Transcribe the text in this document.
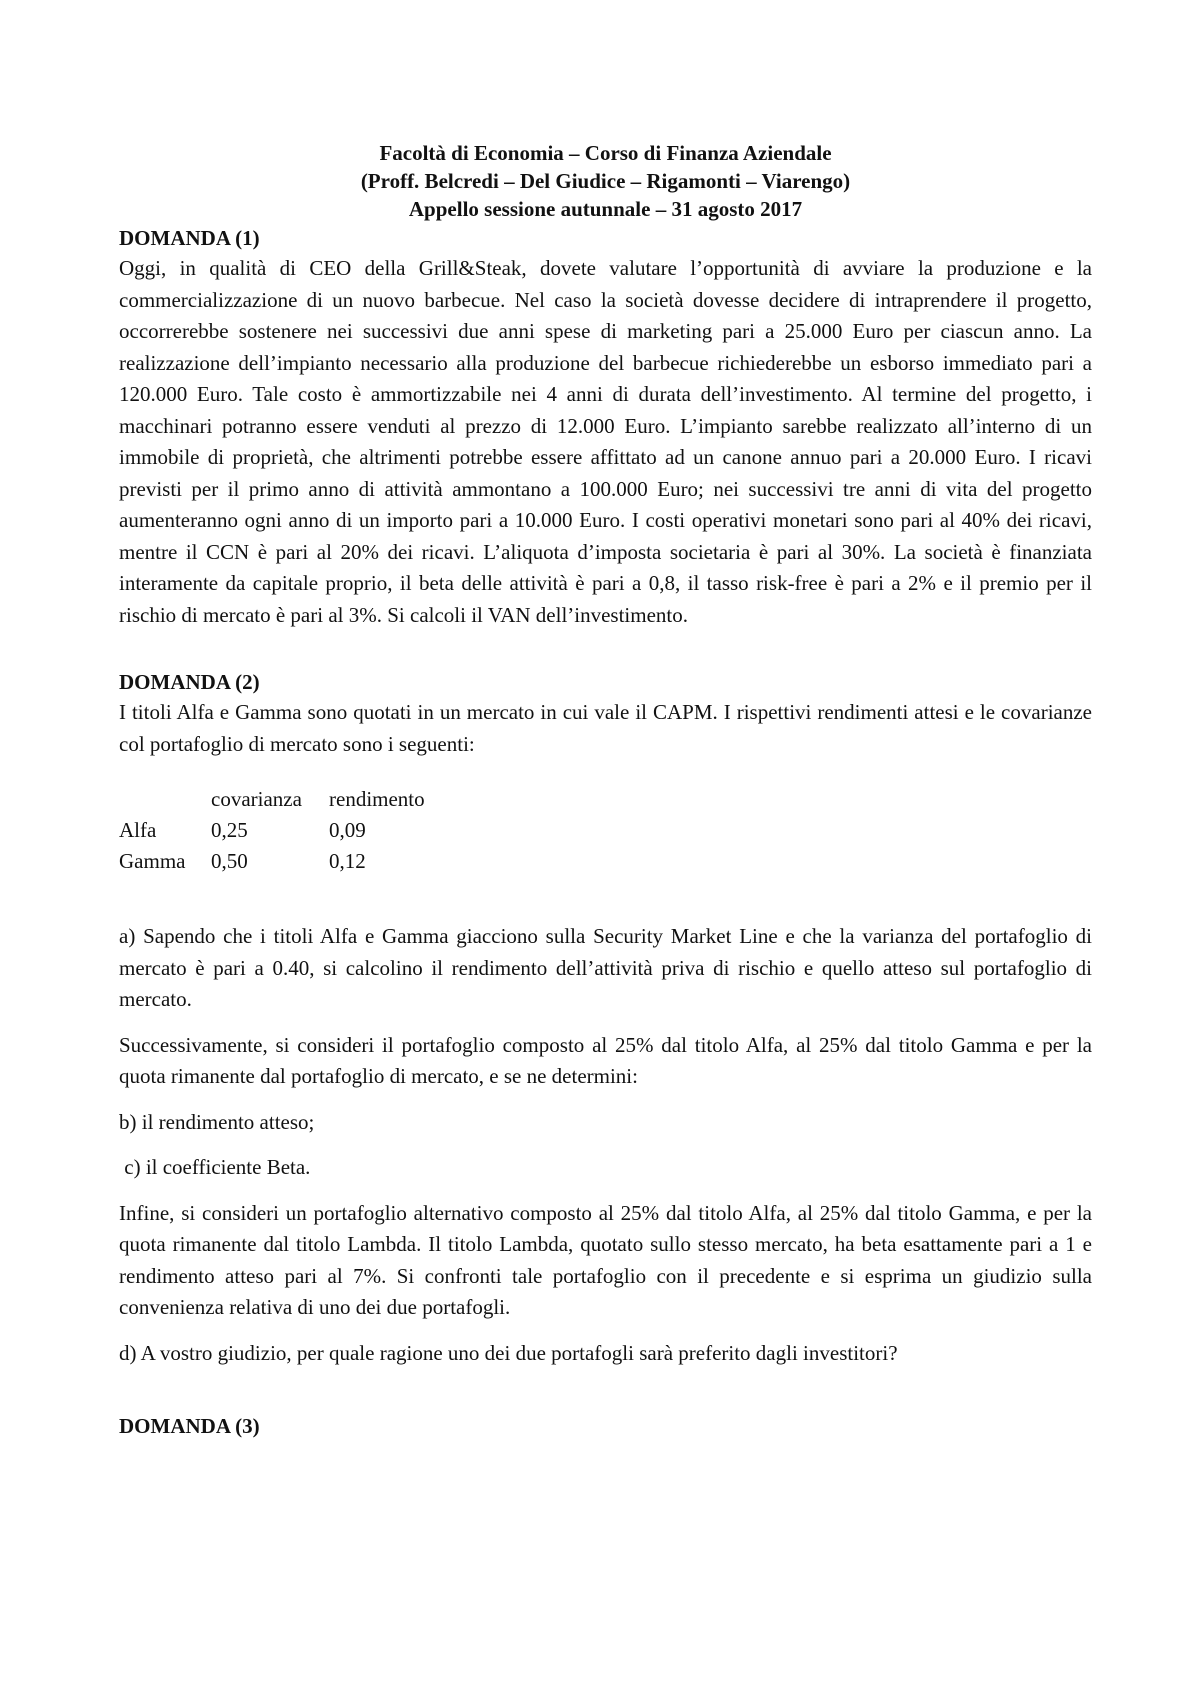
Facoltà di Economia – Corso di Finanza Aziendale
(Proff. Belcredi – Del Giudice – Rigamonti – Viarengo)
Appello sessione autunnale – 31 agosto 2017
DOMANDA (1)

Oggi, in qualità di CEO della Grill&Steak, dovete valutare l’opportunità di avviare la produzione e la commercializzazione di un nuovo barbecue. Nel caso la società dovesse decidere di intraprendere il progetto, occorrerebbe sostenere nei successivi due anni spese di marketing pari a 25.000 Euro per ciascun anno. La realizzazione dell’impianto necessario alla produzione del barbecue richiederebbe un esborso immediato pari a 120.000 Euro. Tale costo è ammortizzabile nei 4 anni di durata dell’investimento. Al termine del progetto, i macchinari potranno essere venduti al prezzo di 12.000 Euro. L’impianto sarebbe realizzato all’interno di un immobile di proprietà, che altrimenti potrebbe essere affittato ad un canone annuo pari a 20.000 Euro. I ricavi previsti per il primo anno di attività ammontano a 100.000 Euro; nei successivi tre anni di vita del progetto aumenteranno ogni anno di un importo pari a 10.000 Euro. I costi operativi monetari sono pari al 40% dei ricavi, mentre il CCN è pari al 20% dei ricavi. L’aliquota d’imposta societaria è pari al 30%. La società è finanziata interamente da capitale proprio, il beta delle attività è pari a 0,8, il tasso risk-free è pari a 2% e il premio per il rischio di mercato è pari al 3%. Si calcoli il VAN dell’investimento.

DOMANDA (2)

I titoli Alfa e Gamma sono quotati in un mercato in cui vale il CAPM. I rispettivi rendimenti attesi e le covarianze col portafoglio di mercato sono i seguenti:

	covarianza	rendimento
Alfa	0,25	0,09
Gamma	0,50	0,12

a) Sapendo che i titoli Alfa e Gamma giacciono sulla Security Market Line e che la varianza del portafoglio di mercato è pari a 0.40, si calcolino il rendimento dell’attività priva di rischio e quello atteso sul portafoglio di mercato.

Successivamente, si consideri il portafoglio composto al 25% dal titolo Alfa, al 25% dal titolo Gamma e per la quota rimanente dal portafoglio di mercato, e se ne determini:

b) il rendimento atteso;

c) il coefficiente Beta.

Infine, si consideri un portafoglio alternativo composto al 25% dal titolo Alfa, al 25% dal titolo Gamma, e per la quota rimanente dal titolo Lambda. Il titolo Lambda, quotato sullo stesso mercato, ha beta esattamente pari a 1 e rendimento atteso pari al 7%. Si confronti tale portafoglio con il precedente e si esprima un giudizio sulla convenienza relativa di uno dei due portafogli.

d) A vostro giudizio, per quale ragione uno dei due portafogli sarà preferito dagli investitori?

DOMANDA (3)
